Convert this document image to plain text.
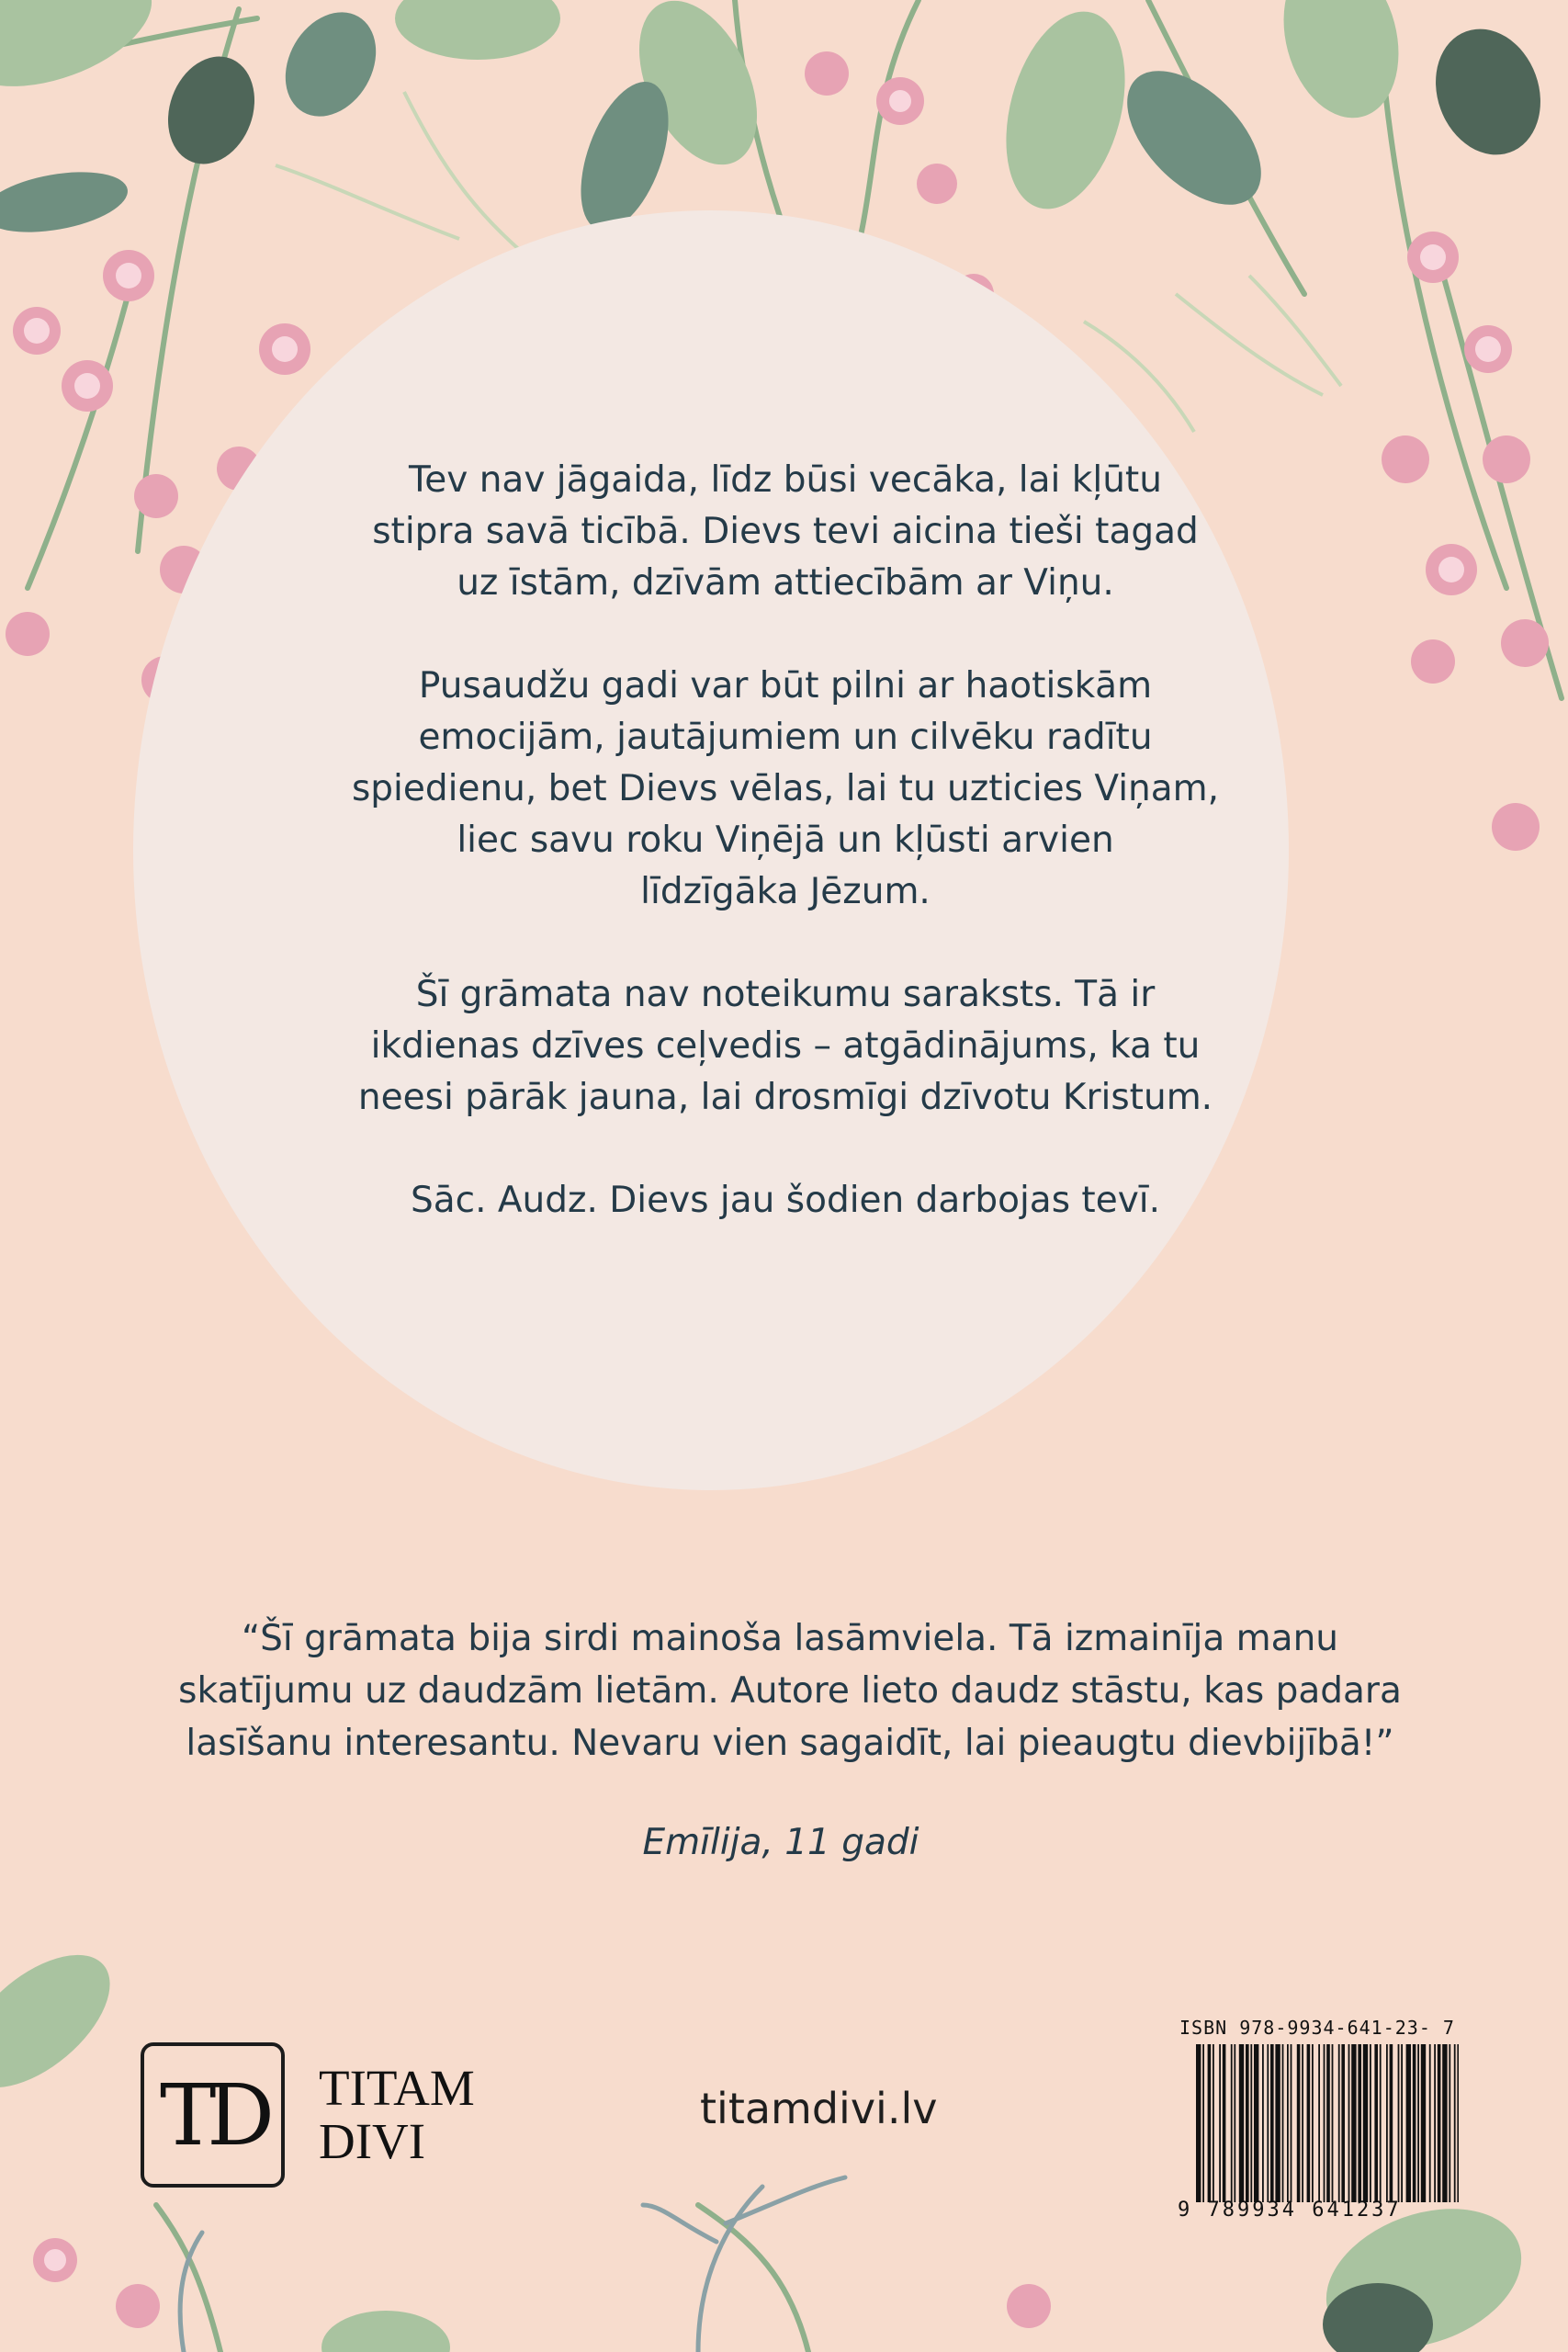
Tev nav jāgaida, līdz būsi vecāka, lai kļūtu
stipra savā ticībā. Dievs tevi aicina tieši tagad
uz īstām, dzīvām attiecībām ar Viņu.

Pusaudžu gadi var būt pilni ar haotiskām
emocijām, jautājumiem un cilvēku radītu
spiedienu, bet Dievs vēlas, lai tu uzticies Viņam,
liec savu roku Viņējā un kļūsti arvien
līdzīgāka Jēzum.

Šī grāmata nav noteikumu saraksts. Tā ir
ikdienas dzīves ceļvedis – atgādinājums, ka tu
neesi pārāk jauna, lai drosmīgi dzīvotu Kristum.

Sāc. Audz. Dievs jau šodien darbojas tevī.

“Šī grāmata bija sirdi mainoša lasāmviela. Tā izmainīja manu
skatījumu uz daudzām lietām. Autore lieto daudz stāstu, kas padara
lasīšanu interesantu. Nevaru vien sagaidīt, lai pieaugtu dievbijībā!”
Emīlija, 11 gadi
TD	TITAM
DIVI
titamdivi.lv
ISBN 978-9934-641-23- 7
9 789934 641237
